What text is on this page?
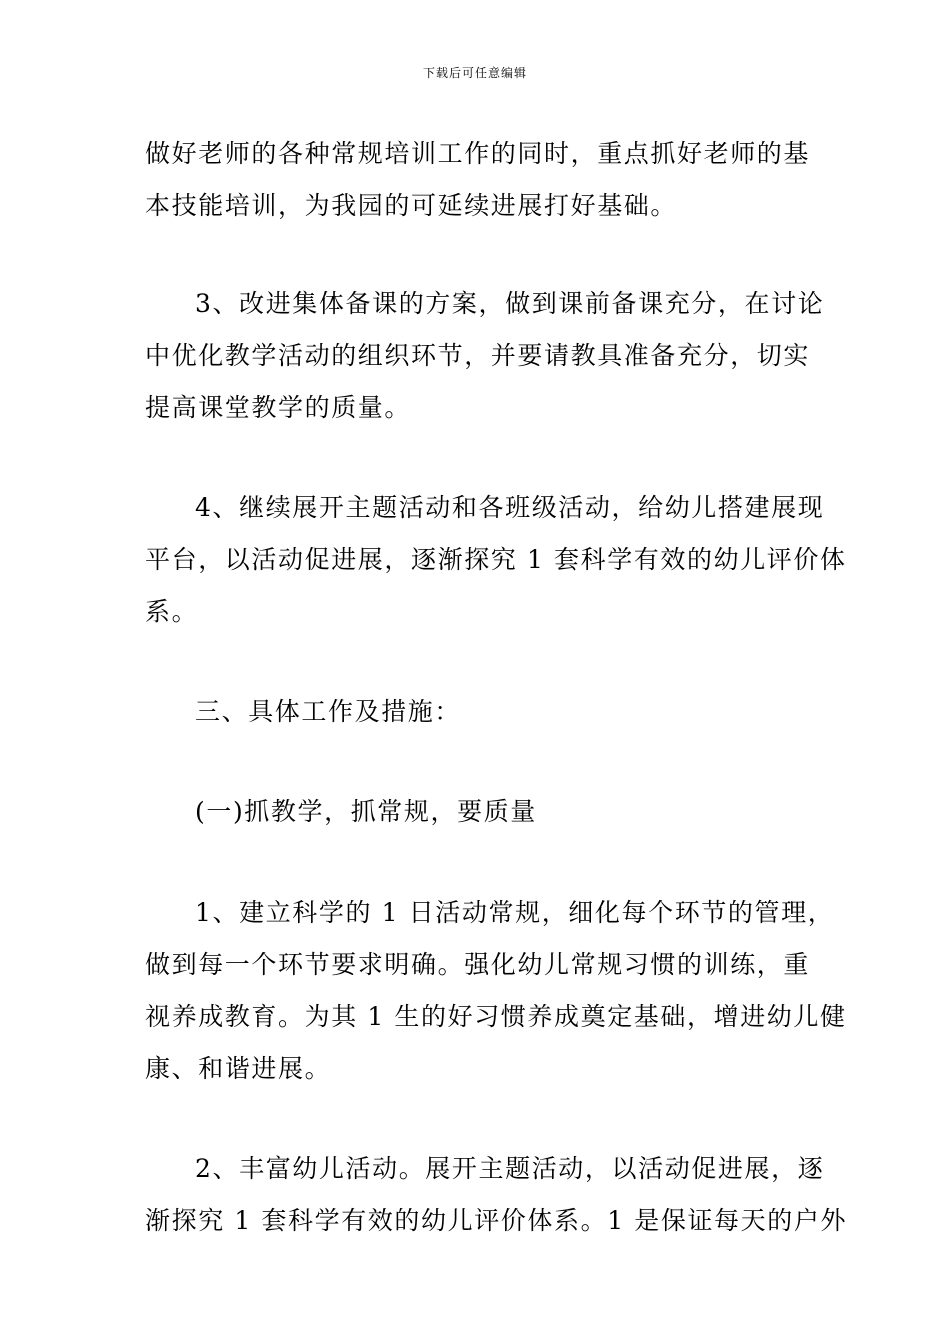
下载后可任意编辑
做好老师的各种常规培训工作的同时，重点抓好老师的基
本技能培训，为我园的可延续进展打好基础。
3、改进集体备课的方案，做到课前备课充分，在讨论
中优化教学活动的组织环节，并要请教具准备充分，切实
提高课堂教学的质量。
4、继续展开主题活动和各班级活动，给幼儿搭建展现
平台，以活动促进展，逐渐探究 1 套科学有效的幼儿评价体
系。
三、具体工作及措施：
(一)抓教学，抓常规，要质量
1、建立科学的 1 日活动常规，细化每个环节的管理，
做到每一个环节要求明确。强化幼儿常规习惯的训练，重
视养成教育。为其 1 生的好习惯养成奠定基础，增进幼儿健
康、和谐进展。
2、丰富幼儿活动。展开主题活动，以活动促进展，逐
渐探究 1 套科学有效的幼儿评价体系。1 是保证每天的户外
